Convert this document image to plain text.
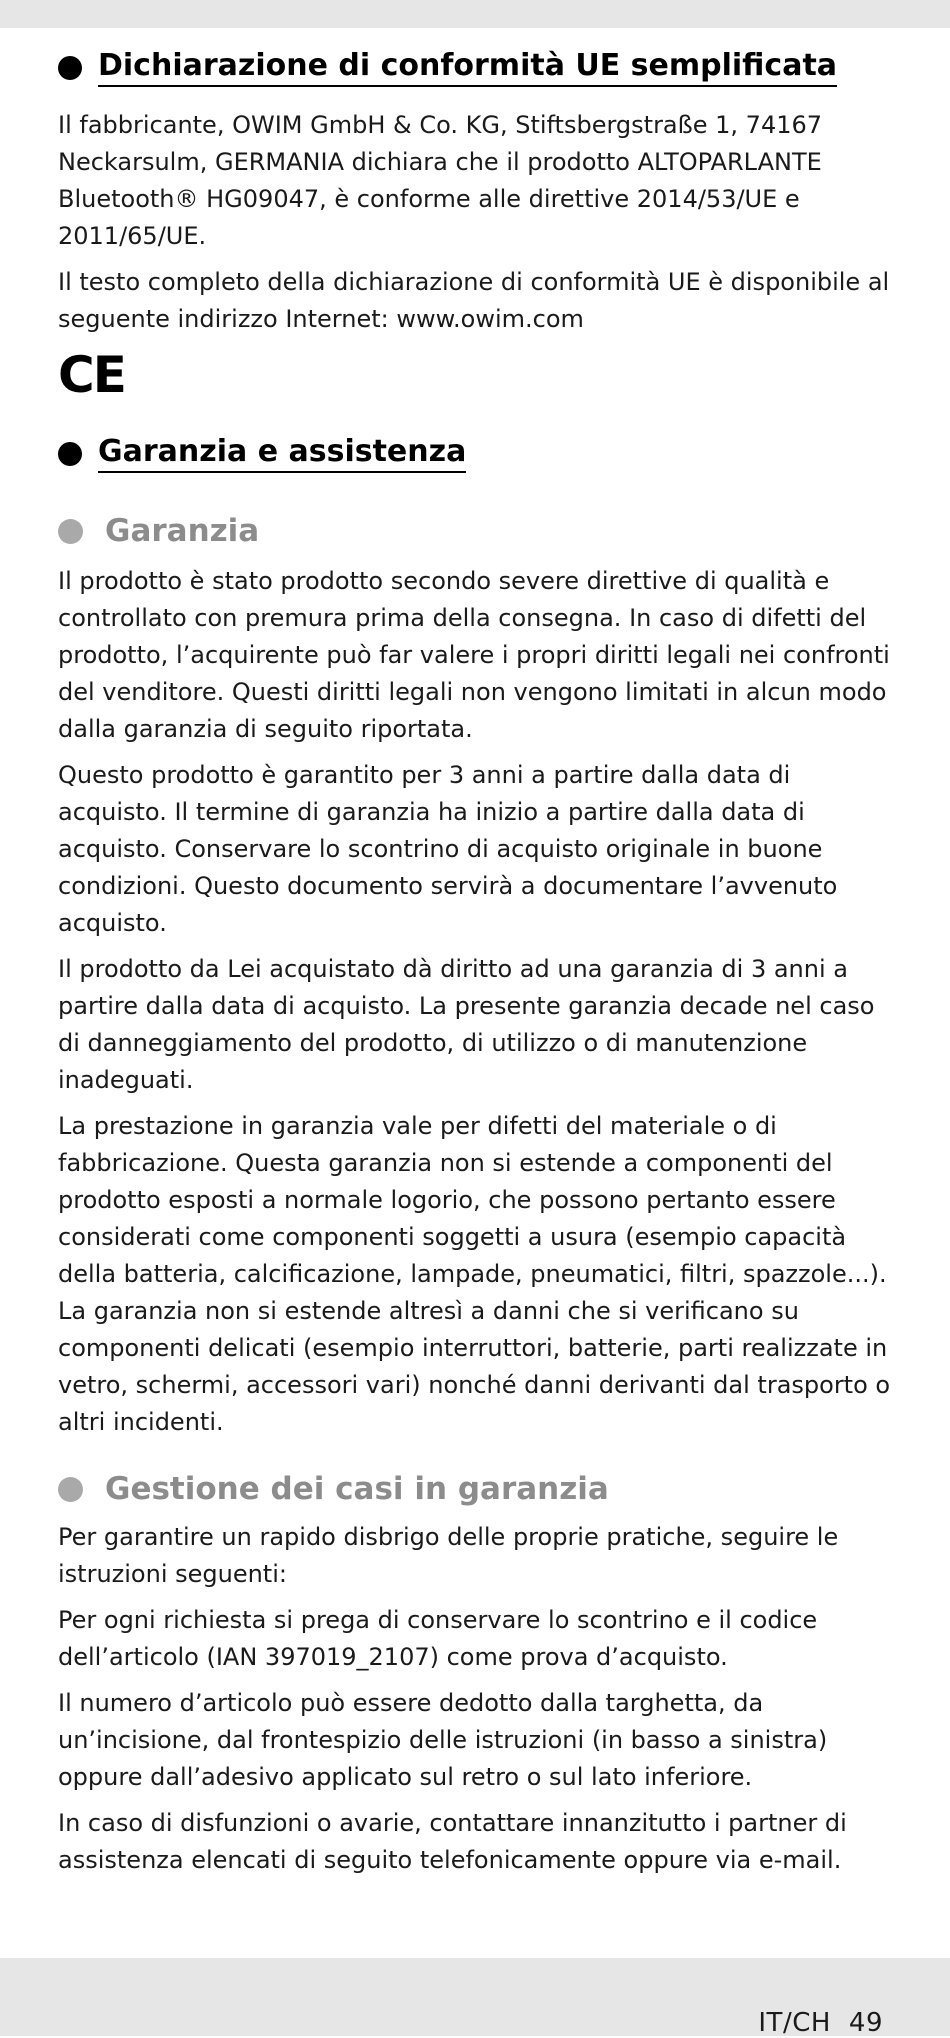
Dichiarazione di conformità UE semplificata

Il fabbricante, OWIM GmbH & Co. KG, Stiftsbergstraße 1, 74167 Neckarsulm, GERMANIA dichiara che il prodotto ALTOPARLANTE Bluetooth® HG09047, è conforme alle direttive 2014/53/UE e 2011/65/UE.

Il testo completo della dichiarazione di conformità UE è disponibile al seguente indirizzo Internet: www.owim.com

CE
Garanzia e assistenza
Garanzia

Il prodotto è stato prodotto secondo severe direttive di qualità e controllato con premura prima della consegna. In caso di difetti del prodotto, l’acquirente può far valere i propri diritti legali nei confronti del venditore. Questi diritti legali non vengono limitati in alcun modo dalla garanzia di seguito riportata.

Questo prodotto è garantito per 3 anni a partire dalla data di acquisto. Il termine di garanzia ha inizio a partire dalla data di acquisto. Conservare lo scontrino di acquisto originale in buone condizioni. Questo documento servirà a documentare l’avvenuto acquisto.

Il prodotto da Lei acquistato dà diritto ad una garanzia di 3 anni a partire dalla data di acquisto. La presente garanzia decade nel caso di danneggiamento del prodotto, di utilizzo o di manutenzione inadeguati.

La prestazione in garanzia vale per difetti del materiale o di fabbricazione. Questa garanzia non si estende a componenti del prodotto esposti a normale logorio, che possono pertanto essere considerati come componenti soggetti a usura (esempio capacità della batteria, calcificazione, lampade, pneumatici, filtri, spazzole...). La garanzia non si estende altresì a danni che si verificano su componenti delicati (esempio interruttori, batterie, parti realizzate in vetro, schermi, accessori vari) nonché danni derivanti dal trasporto o altri incidenti.

Gestione dei casi in garanzia

Per garantire un rapido disbrigo delle proprie pratiche, seguire le istruzioni seguenti:

Per ogni richiesta si prega di conservare lo scontrino e il codice dell’articolo (IAN 397019_2107) come prova d’acquisto.

Il numero d’articolo può essere dedotto dalla targhetta, da un’incisione, dal frontespizio delle istruzioni (in basso a sinistra) oppure dall’adesivo applicato sul retro o sul lato inferiore.

In caso di disfunzioni o avarie, contattare innanzitutto i partner di assistenza elencati di seguito telefonicamente oppure via e-mail.

IT/CH 49
